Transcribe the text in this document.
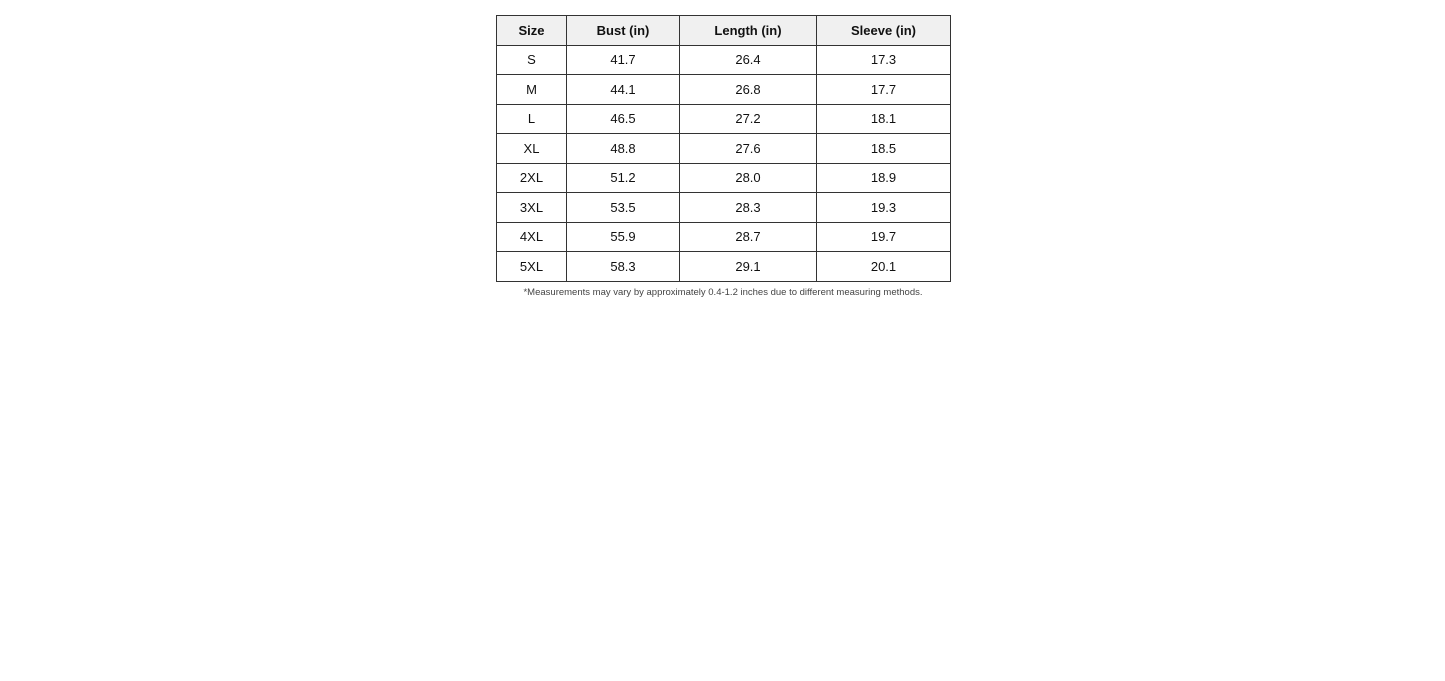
Size	Bust (in)	Length (in)	Sleeve (in)
S	41.7	26.4	17.3
M	44.1	26.8	17.7
L	46.5	27.2	18.1
XL	48.8	27.6	18.5
2XL	51.2	28.0	18.9
3XL	53.5	28.3	19.3
4XL	55.9	28.7	19.7
5XL	58.3	29.1	20.1
*Measurements may vary by approximately 0.4-1.2 inches due to different measuring methods.
